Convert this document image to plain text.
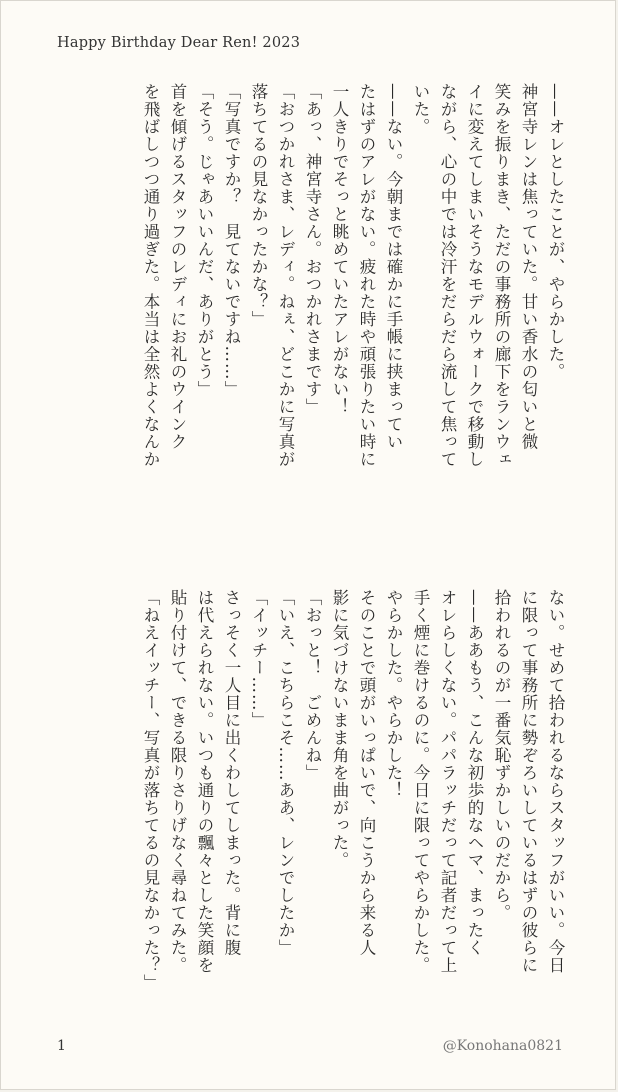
Happy Birthday Dear Ren! 2023

——オレとしたことが、やらかした。

神宮寺レンは焦っていた。甘い香水の匂いと微

笑みを振りまき、ただの事務所の廊下をランウェ

イに変えてしまいそうなモデルウォークで移動し

ながら、心の中では冷汗をだらだら流して焦って

いた。

——ない。今朝までは確かに手帳に挟まってい

たはずのアレがない。疲れた時や頑張りたい時に

一人きりでそっと眺めていたアレがない！

「あっ、神宮寺さん。おつかれさまです」

「おつかれさま、レディ。ねぇ、どこかに写真が

落ちてるの見なかったかな？」

「写真ですか？　見てないですね……」

「そう。じゃあいいんだ、ありがとう」

首を傾げるスタッフのレディにお礼のウインク

を飛ばしつつ通り過ぎた。本当は全然よくなんか

ない。せめて拾われるならスタッフがいい。今日

に限って事務所に勢ぞろいしているはずの彼らに

拾われるのが一番気恥ずかしいのだから。

——ああもう、こんな初歩的なヘマ、まったく

オレらしくない。パパラッチだって記者だって上

手く煙に巻けるのに。今日に限ってやらかした。

やらかした。やらかした！

そのことで頭がいっぱいで、向こうから来る人

影に気づけないまま角を曲がった。

「おっと！　ごめんね」

「いえ、こちらこそ……ああ、レンでしたか」

「イッチー……」

さっそく一人目に出くわしてしまった。背に腹

は代えられない。いつも通りの飄々とした笑顔を

貼り付けて、できる限りさりげなく尋ねてみた。

「ねえイッチー、写真が落ちてるの見なかった？」

1	@Konohana0821
